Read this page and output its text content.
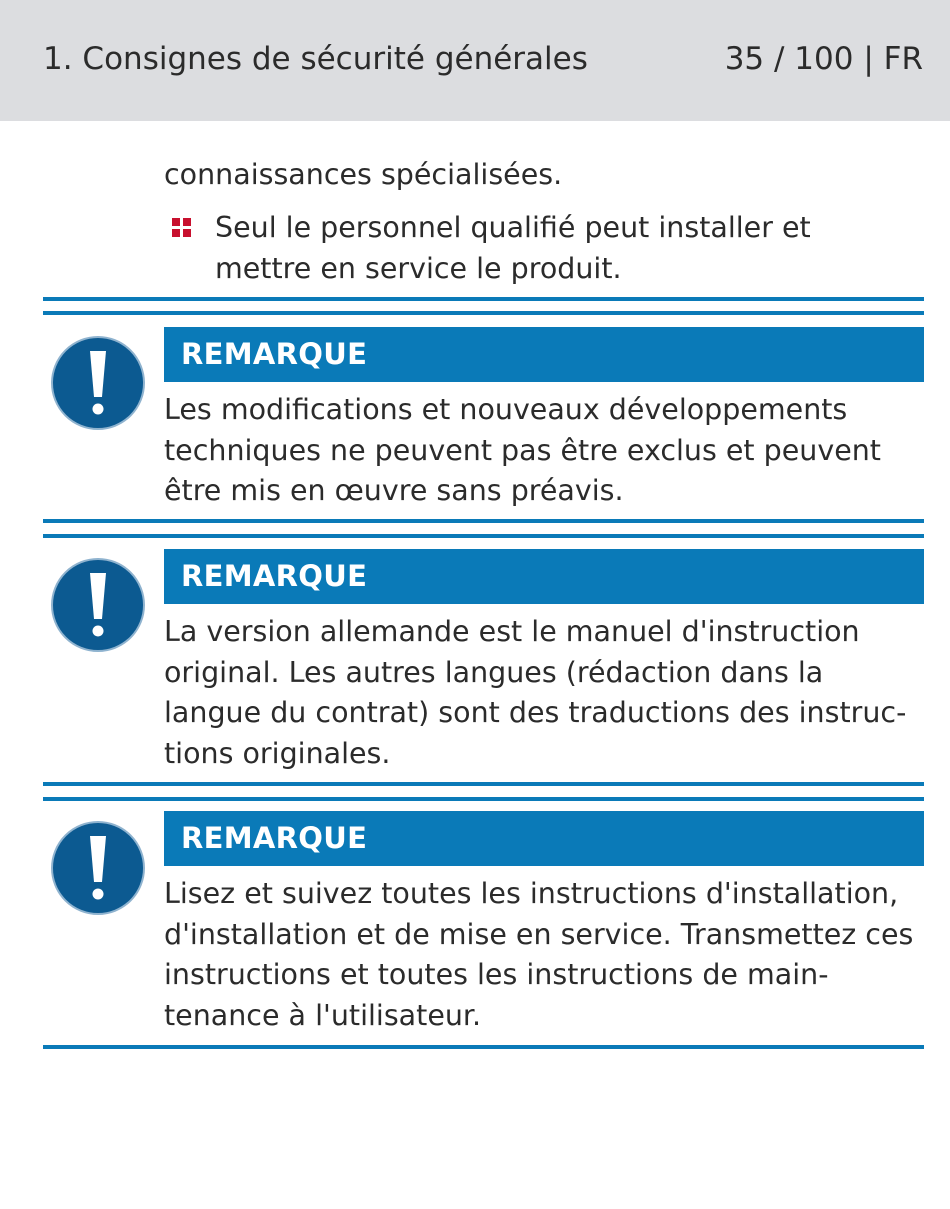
1. Consignes de sécurité générales	35 / 100 | FR
connaissances spécialisées.
Seul le personnel qualifié peut installer et mettre en service le produit.
REMARQUE
Les modifications et nouveaux développements techniques ne peuvent pas être exclus et peuvent être mis en œuvre sans préavis.
REMARQUE
La version allemande est le manuel d'instruction original. Les autres langues (rédaction dans la langue du contrat) sont des traductions des instructions originales.
REMARQUE
Lisez et suivez toutes les instructions d'installation, d'installation et de mise en service. Transmettez ces instructions et toutes les instructions de maintenance à l'utilisateur.
